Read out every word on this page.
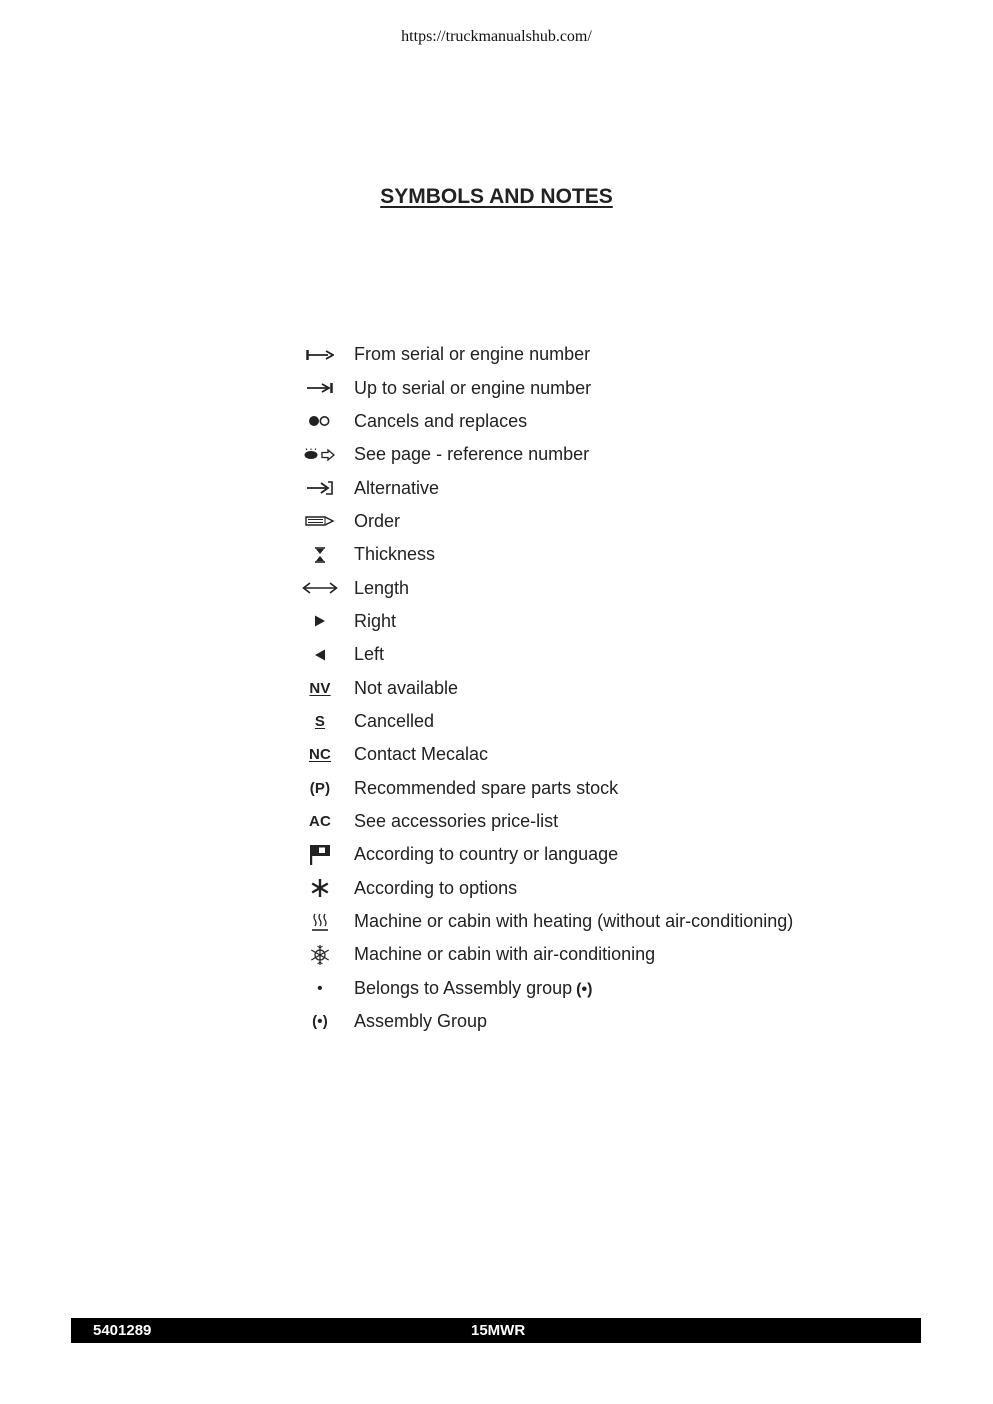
https://truckmanualshub.com/
SYMBOLS AND NOTES
From serial or engine number
Up to serial or engine number
Cancels and replaces
See page - reference number
Alternative
Order
Thickness
Length
Right
Left
NV Not available
S Cancelled
NC Contact Mecalac
(P) Recommended spare parts stock
AC See accessories price-list
According to country or language
According to options
Machine or cabin with heating (without air-conditioning)
Machine or cabin with air-conditioning
• Belongs to Assembly group (•)
(•) Assembly Group
5401289	15MWR
